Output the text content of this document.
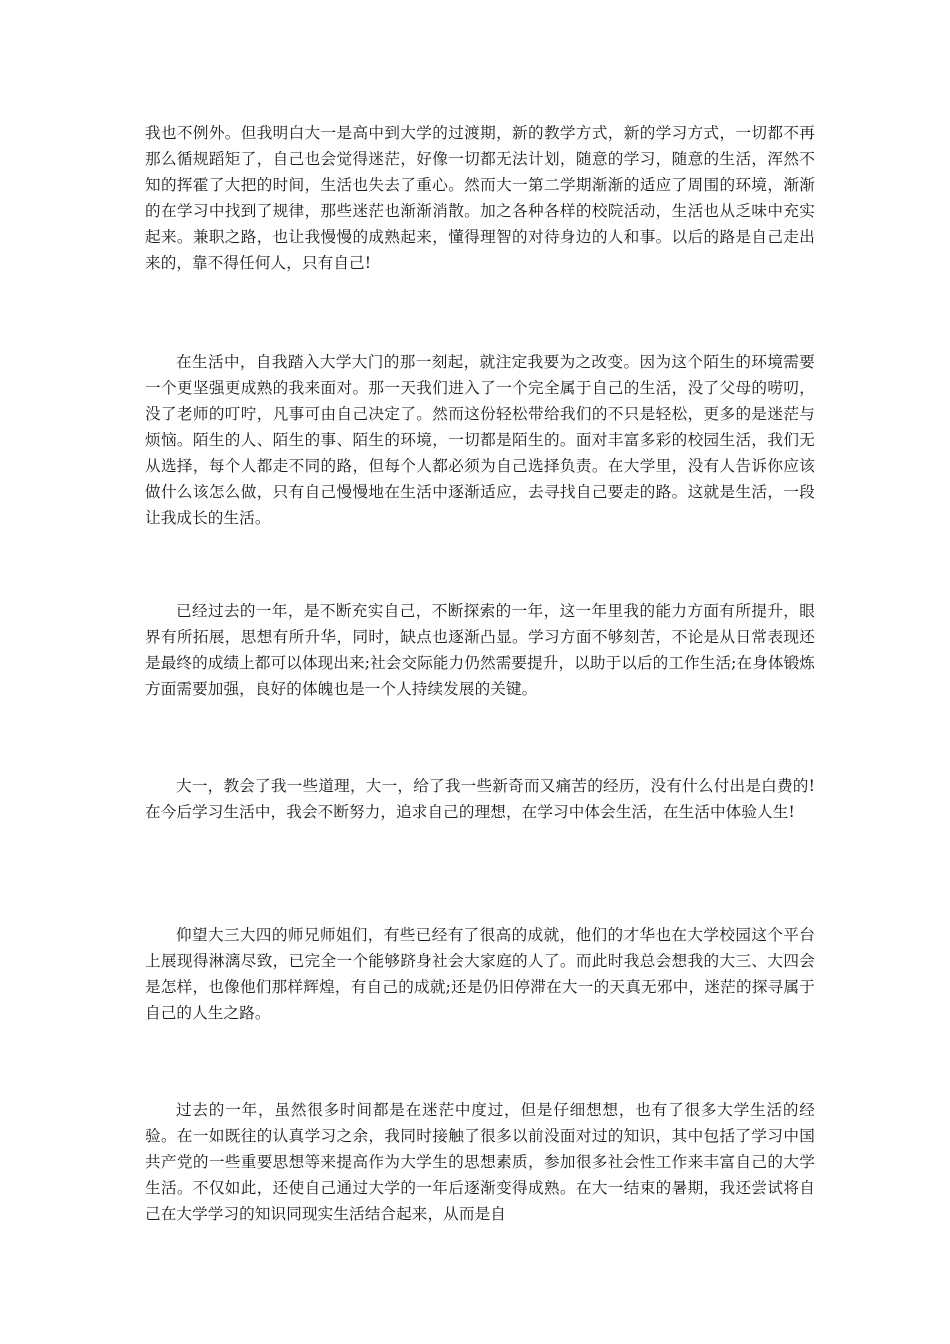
我也不例外。但我明白大一是高中到大学的过渡期，新的教学方式，新的学习方式，一切都不再那么循规蹈矩了，自己也会觉得迷茫，好像一切都无法计划，随意的学习，随意的生活，浑然不知的挥霍了大把的时间，生活也失去了重心。然而大一第二学期渐渐的适应了周围的环境，渐渐的在学习中找到了规律，那些迷茫也渐渐消散。加之各种各样的校院活动，生活也从乏味中充实起来。兼职之路，也让我慢慢的成熟起来，懂得理智的对待身边的人和事。以后的路是自己走出来的，靠不得任何人，只有自己!

在生活中，自我踏入大学大门的那一刻起，就注定我要为之改变。因为这个陌生的环境需要一个更坚强更成熟的我来面对。那一天我们进入了一个完全属于自己的生活，没了父母的唠叨，没了老师的叮咛，凡事可由自己决定了。然而这份轻松带给我们的不只是轻松，更多的是迷茫与烦恼。陌生的人、陌生的事、陌生的环境，一切都是陌生的。面对丰富多彩的校园生活，我们无从选择，每个人都走不同的路，但每个人都必须为自己选择负责。在大学里，没有人告诉你应该做什么该怎么做，只有自己慢慢地在生活中逐渐适应，去寻找自己要走的路。这就是生活，一段让我成长的生活。

已经过去的一年，是不断充实自己，不断探索的一年，这一年里我的能力方面有所提升，眼界有所拓展，思想有所升华，同时，缺点也逐渐凸显。学习方面不够刻苦，不论是从日常表现还是最终的成绩上都可以体现出来;社会交际能力仍然需要提升，以助于以后的工作生活;在身体锻炼方面需要加强，良好的体魄也是一个人持续发展的关键。

大一，教会了我一些道理，大一，给了我一些新奇而又痛苦的经历，没有什么付出是白费的!在今后学习生活中，我会不断努力，追求自己的理想，在学习中体会生活，在生活中体验人生!

仰望大三大四的师兄师姐们，有些已经有了很高的成就，他们的才华也在大学校园这个平台上展现得淋漓尽致，已完全一个能够跻身社会大家庭的人了。而此时我总会想我的大三、大四会是怎样，也像他们那样辉煌，有自己的成就;还是仍旧停滞在大一的天真无邪中，迷茫的探寻属于自己的人生之路。

过去的一年，虽然很多时间都是在迷茫中度过，但是仔细想想，也有了很多大学生活的经验。在一如既往的认真学习之余，我同时接触了很多以前没面对过的知识，其中包括了学习中国共产党的一些重要思想等来提高作为大学生的思想素质，参加很多社会性工作来丰富自己的大学生活。不仅如此，还使自己通过大学的一年后逐渐变得成熟。在大一结束的暑期，我还尝试将自己在大学学习的知识同现实生活结合起来，从而是自
